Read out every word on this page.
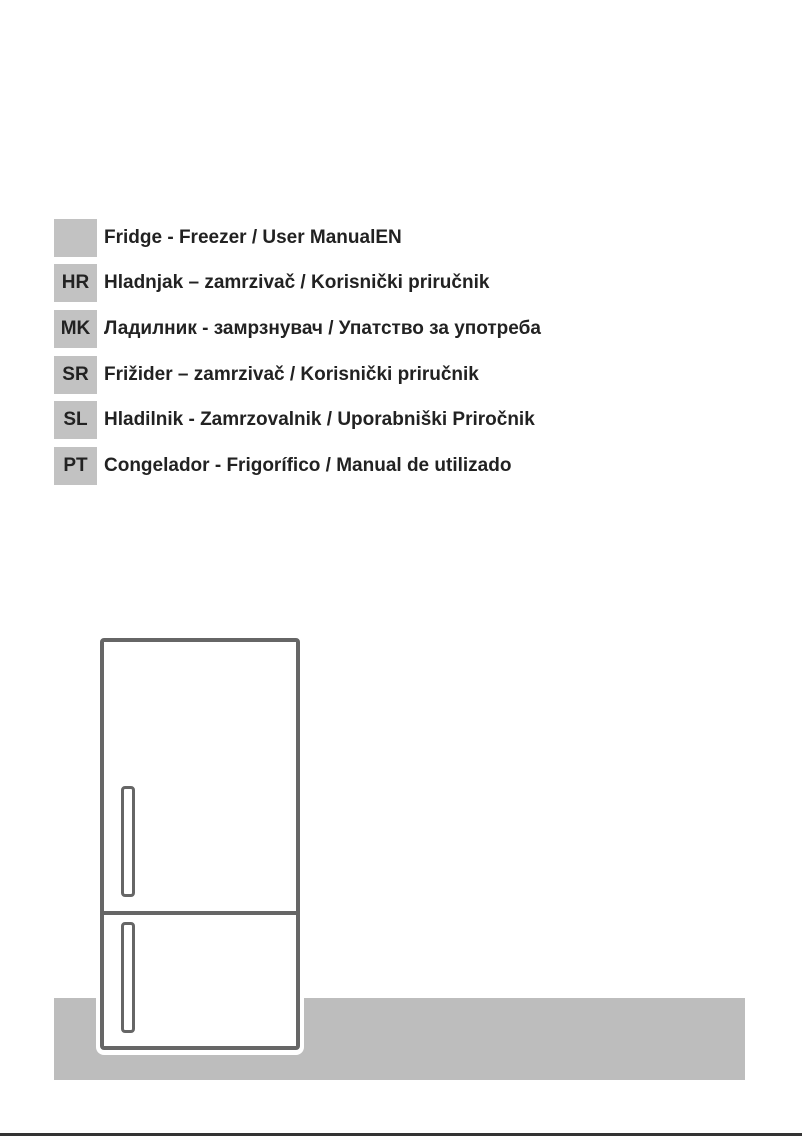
Fridge - Freezer / User ManualEN
HR Hladnjak – zamrzivač / Korisnički priručnik
MK Ладилник - замрзнувач / Упатство за употреба
SR Frižider – zamrzivač / Korisnički priručnik
SL Hladilnik - Zamrzovalnik / Uporabniški Priročnik
PT Congelador - Frigorífico / Manual de utilizado
